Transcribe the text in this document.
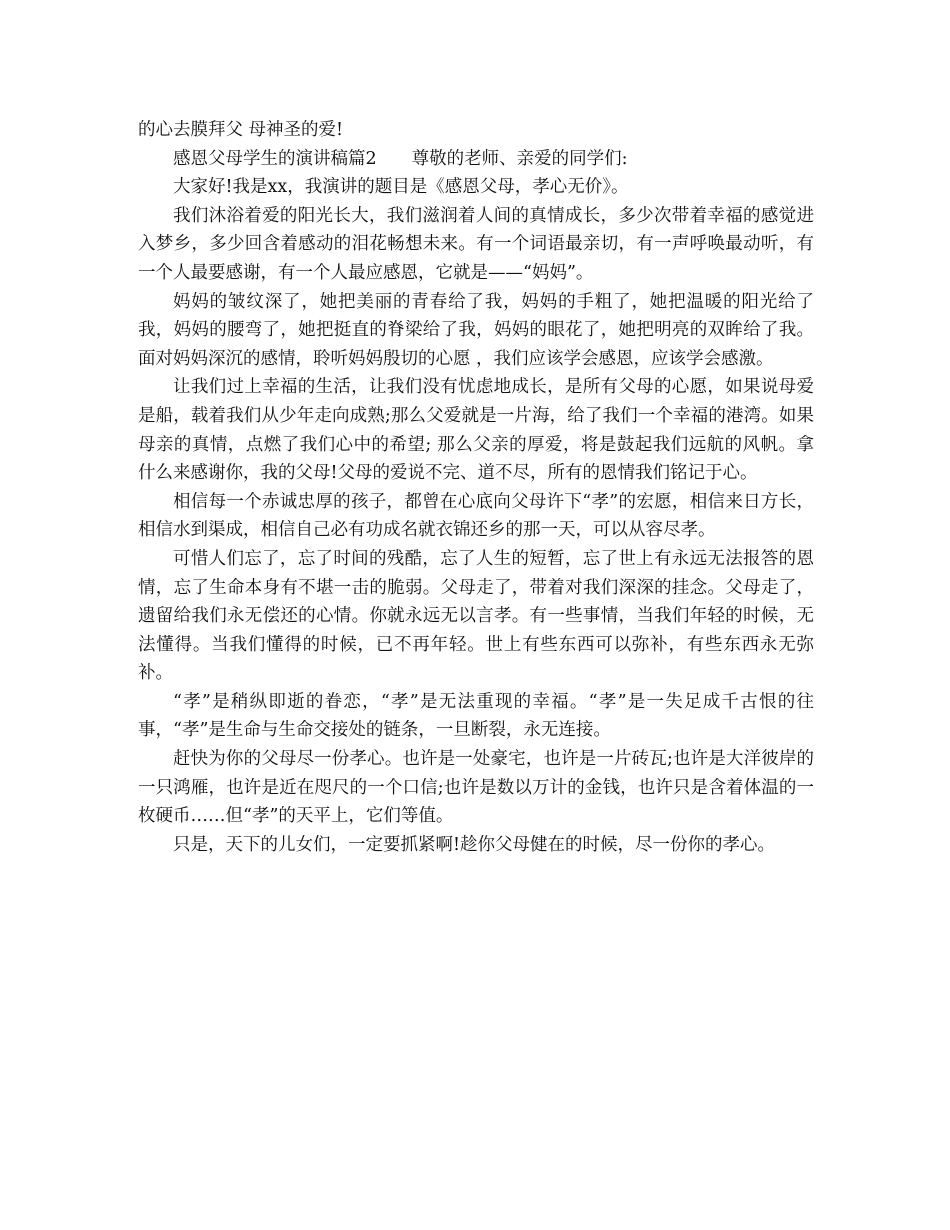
的心去膜拜父 母神圣的爱!

感恩父母学生的演讲稿篇2　　尊敬的老师、亲爱的同学们:

大家好!我是xx，我演讲的题目是《感恩父母，孝心无价》。

我们沐浴着爱的阳光长大，我们滋润着人间的真情成长，多少次带着幸福的感觉进入梦乡，多少回含着感动的泪花畅想未来。有一个词语最亲切，有一声呼唤最动听，有一个人最要感谢，有一个人最应感恩，它就是——“妈妈”。

妈妈的皱纹深了，她把美丽的青春给了我，妈妈的手粗了，她把温暖的阳光给了我，妈妈的腰弯了，她把挺直的脊梁给了我，妈妈的眼花了，她把明亮的双眸给了我。面对妈妈深沉的感情，聆听妈妈殷切的心愿 ，我们应该学会感恩，应该学会感激。

让我们过上幸福的生活，让我们没有忧虑地成长，是所有父母的心愿，如果说母爱是船，载着我们从少年走向成熟;那么父爱就是一片海，给了我们一个幸福的港湾。如果母亲的真情，点燃了我们心中的希望; 那么父亲的厚爱，将是鼓起我们远航的风帆。拿什么来感谢你，我的父母!父母的爱说不完、道不尽，所有的恩情我们铭记于心。

相信每一个赤诚忠厚的孩子，都曾在心底向父母许下“孝”的宏愿，相信来日方长，相信水到渠成，相信自己必有功成名就衣锦还乡的那一天，可以从容尽孝。

可惜人们忘了，忘了时间的残酷，忘了人生的短暂，忘了世上有永远无法报答的恩情，忘了生命本身有不堪一击的脆弱。父母走了，带着对我们深深的挂念。父母走了，遗留给我们永无偿还的心情。你就永远无以言孝。有一些事情，当我们年轻的时候，无法懂得。当我们懂得的时候，已不再年轻。世上有些东西可以弥补，有些东西永无弥补。

“孝”是稍纵即逝的眷恋，“孝”是无法重现的幸福。“孝”是一失足成千古恨的往事，“孝”是生命与生命交接处的链条，一旦断裂，永无连接。

赶快为你的父母尽一份孝心。也许是一处豪宅，也许是一片砖瓦;也许是大洋彼岸的一只鸿雁，也许是近在咫尺的一个口信;也许是数以万计的金钱，也许只是含着体温的一枚硬币……但“孝”的天平上，它们等值。

只是，天下的儿女们，一定要抓紧啊!趁你父母健在的时候，尽一份你的孝心。
